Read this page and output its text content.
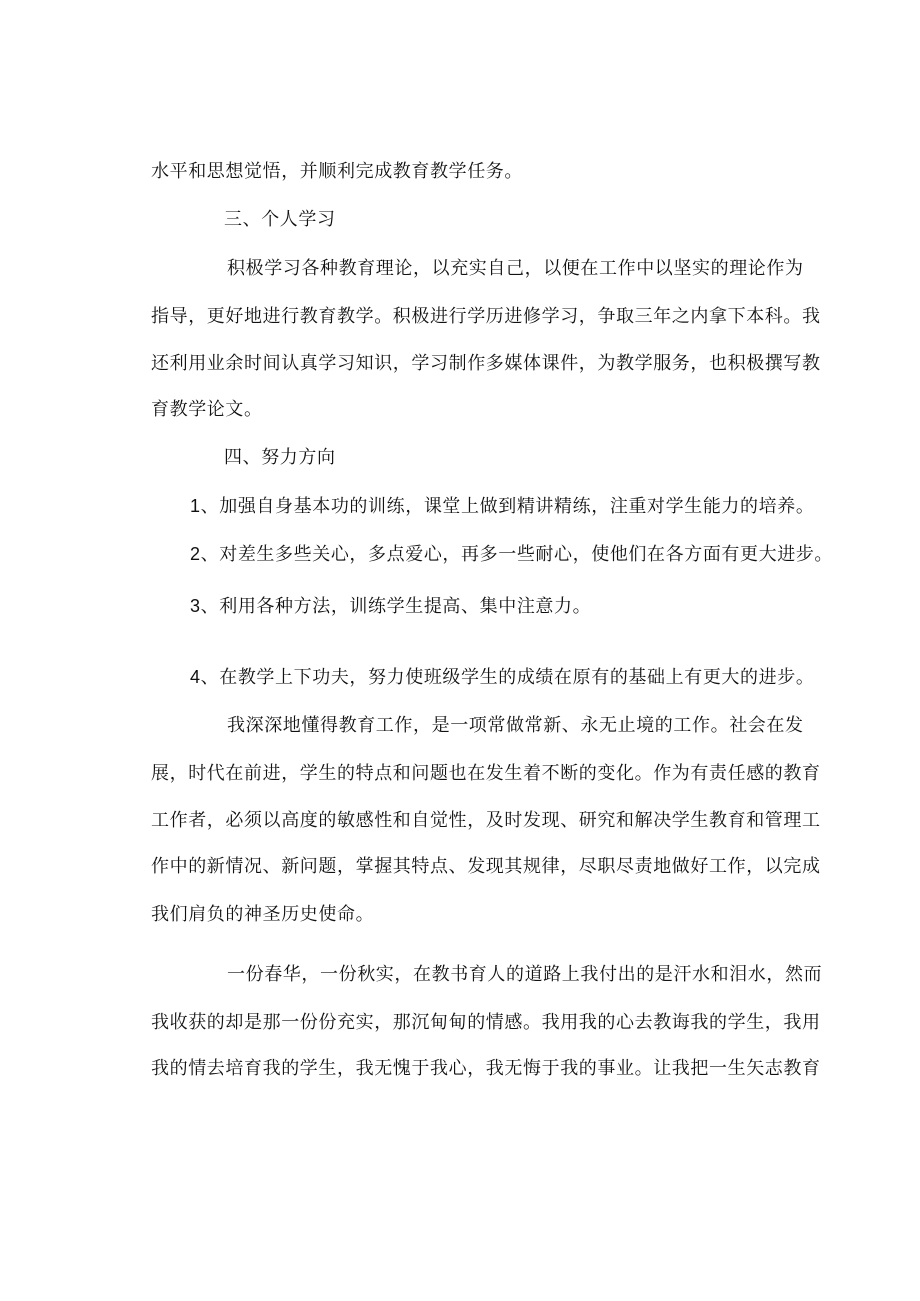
水平和思想觉悟，并顺利完成教育教学任务。
三、个人学习
积极学习各种教育理论，以充实自己，以便在工作中以坚实的理论作为
指导，更好地进行教育教学。积极进行学历进修学习，争取三年之内拿下本科。我
还利用业余时间认真学习知识，学习制作多媒体课件，为教学服务，也积极撰写教
育教学论文。
四、努力方向
1、加强自身基本功的训练，课堂上做到精讲精练，注重对学生能力的培养。
2、对差生多些关心，多点爱心，再多一些耐心，使他们在各方面有更大进步。
3、利用各种方法，训练学生提高、集中注意力。
4、在教学上下功夫，努力使班级学生的成绩在原有的基础上有更大的进步。
我深深地懂得教育工作，是一项常做常新、永无止境的工作。社会在发
展，时代在前进，学生的特点和问题也在发生着不断的变化。作为有责任感的教育
工作者，必须以高度的敏感性和自觉性，及时发现、研究和解决学生教育和管理工
作中的新情况、新问题，掌握其特点、发现其规律，尽职尽责地做好工作，以完成
我们肩负的神圣历史使命。
一份春华，一份秋实，在教书育人的道路上我付出的是汗水和泪水，然而
我收获的却是那一份份充实，那沉甸甸的情感。我用我的心去教诲我的学生，我用
我的情去培育我的学生，我无愧于我心，我无悔于我的事业。让我把一生矢志教育
